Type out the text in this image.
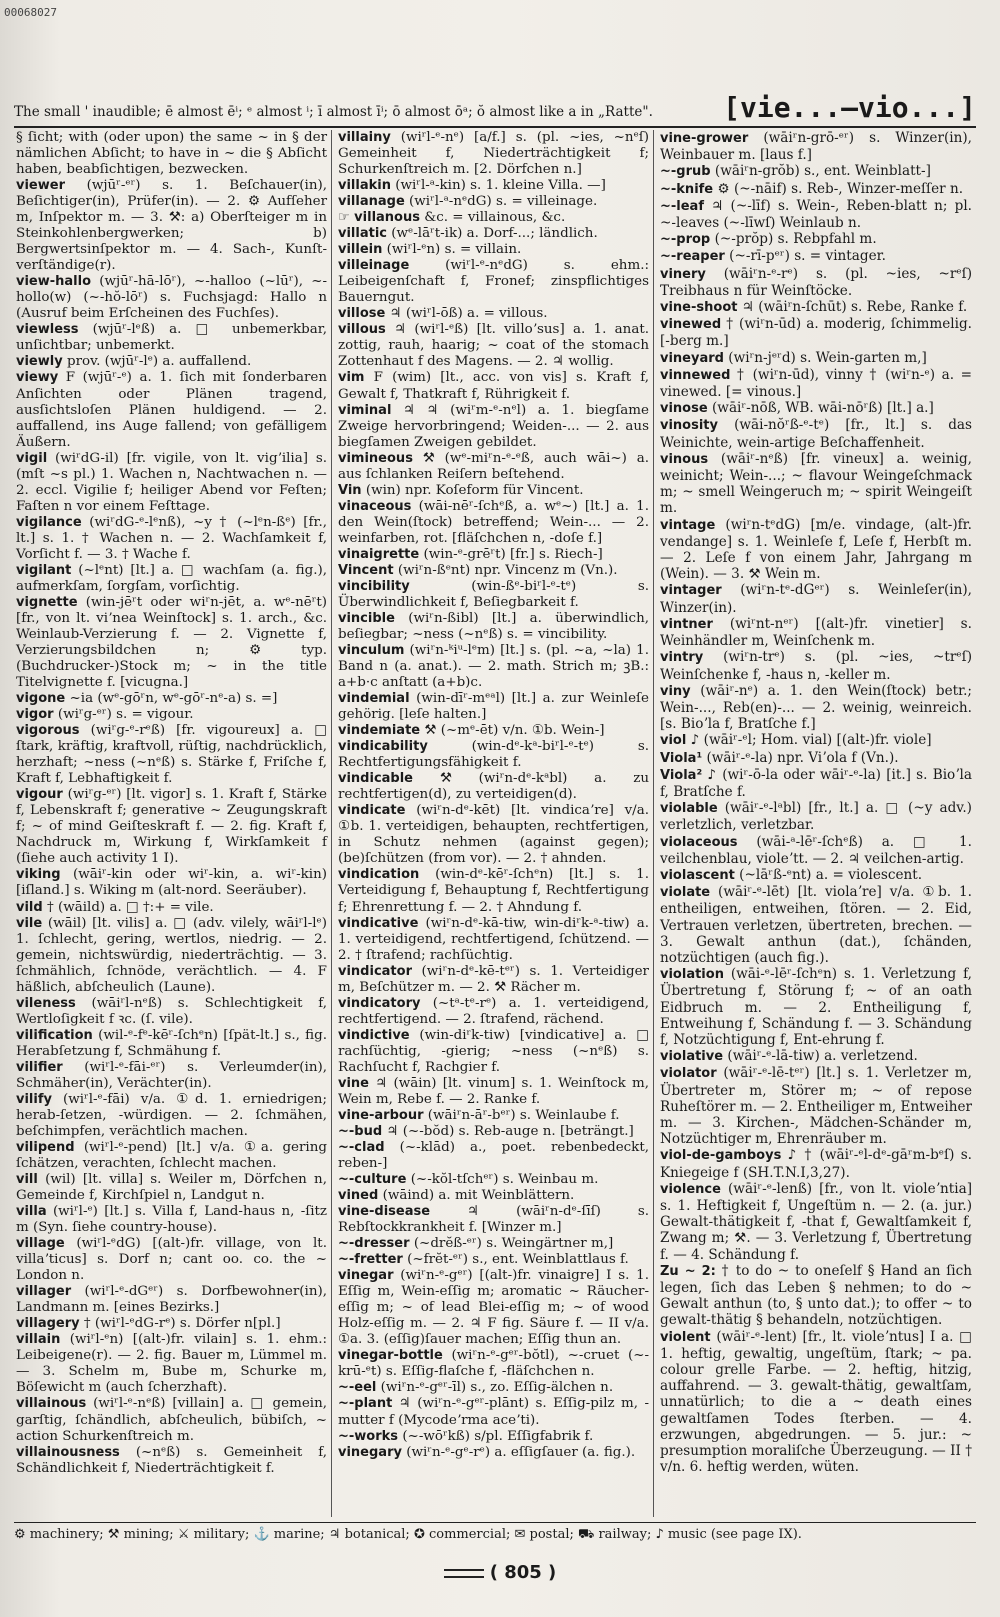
00068027
The small ' inaudible; ē almost ēⁱ; ᵉ almost ⁱ; ī almost īⁱ; ō almost ōᵃ; ŏ almost like a in „Ratte".	[vie...—vio...]

§ ſicht; with (oder upon) the same ~ in § der nämlichen Abſicht; to have in ~ die § Abſicht haben, beabſichtigen, bezwecken.

viewer (wjūʳ-ᵉʳ) s. 1. Beſchauer(in), Beſichtiger(in), Prüfer(in). — 2. ⚙ Aufſeher m, Inſpektor m. — 3. ⚒: a) Oberſteiger m in Steinkohlenbergwerken; b) Bergwertsinſpektor m. — 4. Sach-, Kunſt-verſtändige(r).

view-hallo (wjūʳ-hā-lōʳ), ~-halloo (~lūʳ), ~-hollo(w) (~-hŏ-lōʳ) s. Fuchsjagd: Hallo n (Ausruf beim Erſcheinen des Fuchſes).

viewless (wjūʳ-lᵉß) a. □ unbemerkbar, unſichtbar; unbemerkt.

viewly prov. (wjūʳ-lᵉ) a. auffallend.

viewy F (wjūʳ-ᵉ) a. 1. ſich mit ſonderbaren Anſichten oder Plänen tragend, ausſichtsloſen Plänen huldigend. — 2. auffallend, ins Auge fallend; von gefälligem Äußern.

vigil (wiʳdG-il) [fr. vigile, von lt. vigʼilia] s. (mſt ~s pl.) 1. Wachen n, Nachtwachen n. — 2. eccl. Vigilie f; heiliger Abend vor Feſten; Faſten n vor einem Feſttage.

vigilance (wiʳdG-ᵉ-lᵉnß), ~y † (~lᵉn-ßᵉ) [fr., lt.] s. 1. † Wachen n. — 2. Wachſamkeit f, Vorſicht f. — 3. † Wache f.

vigilant (~lᵉnt) [lt.] a. □ wachſam (a. fig.), aufmerkſam, ſorgſam, vorſichtig.

vignette (win-jēʳt oder wiʳn-jēt, a. wᵉ-nēʳt) [fr., von lt. viʼnea Weinſtock] s. 1. arch., &c. Weinlaub-Verzierung f. — 2. Vignette f, Verzierungsbildchen n; ⚙ typ. (Buchdrucker-)Stock m; ~ in the title Titelvignette f. [vicugna.]

vigone ~ia (wᵉ-gōʳn, wᵉ-gōʳ-nᵉ-a) s. =]

vigor (wiʳg-ᵉʳ) s. = vigour.

vigorous (wiʳg-ᵉ-rᵉß) [fr. vigoureux] a. □ ſtark, kräftig, kraftvoll, rüſtig, nachdrücklich, herzhaft; ~ness (~nᵉß) s. Stärke f, Friſche f, Kraft f, Lebhaftigkeit f.

vigour (wiʳg-ᵉʳ) [lt. vigor] s. 1. Kraft f, Stärke f, Lebenskraft f; generative ~ Zeugungskraft f; ~ of mind Geiſteskraft f. — 2. fig. Kraft f, Nachdruck m, Wirkung f, Wirkſamkeit f (ſiehe auch activity 1 I).

viking (wāiʳ-kin oder wiʳ-kin, a. wiʳ-kin) [iſland.] s. Wiking m (alt-nord. Seeräuber).

vild † (wāild) a. □ †:+ = vile.

vile (wāil) [lt. vilis] a. □ (adv. vilely, wāiʳl-lᵉ) 1. ſchlecht, gering, wertlos, niedrig. — 2. gemein, nichtswürdig, niederträchtig. — 3. ſchmählich, ſchnöde, verächtlich. — 4. F häßlich, abſcheulich (Laune).

vileness (wāiʳl-nᵉß) s. Schlechtigkeit f, Wertloſigkeit f ꝛc. (ſ. vile).

vilification (wil-ᵉ-fᵉ-kēʳ-ſchᵉn) [ſpät-lt.] s., fig. Herabſetzung f, Schmähung f.

vilifier (wiʳl-ᵉ-fāi-ᵉʳ) s. Verleumder(in), Schmäher(in), Verächter(in).

vilify (wiʳl-ᵉ-fāi) v/a. ①d. 1. erniedrigen; herab-ſetzen, -würdigen. — 2. ſchmähen, beſchimpfen, verächtlich machen.

vilipend (wiʳl-ᵉ-pend) [lt.] v/a. ①a. gering ſchätzen, verachten, ſchlecht machen.

vill (wil) [lt. villa] s. Weiler m, Dörfchen n, Gemeinde f, Kirchſpiel n, Landgut n.

villa (wiʳl-ᵉ) [lt.] s. Villa f, Land-haus n, -ſitz m (Syn. ſiehe country-house).

village (wiʳl-ᵉdG) [(alt-)fr. village, von lt. villaʼticus] s. Dorf n; cant oo. co. the ~ London n.

villager (wiʳl-ᵉ-dGᵉʳ) s. Dorfbewohner(in), Landmann m. [eines Bezirks.]

villagery † (wiʳl-ᵉdG-rᵉ) s. Dörfer n[pl.]

villain (wiʳl-ᵉn) [(alt-)fr. vilain] s. 1. ehm.: Leibeigene(r). — 2. fig. Bauer m, Lümmel m. — 3. Schelm m, Bube m, Schurke m, Böſewicht m (auch ſcherzhaft).

villainous (wiʳl-ᵉ-nᵉß) [villain] a. □ gemein, garſtig, ſchändlich, abſcheulich, bübiſch, ~ action Schurkenſtreich m.

villainousness (~nᵉß) s. Gemeinheit f, Schändlichkeit f, Niederträchtigkeit f.

villainy (wiʳl-ᵉ-nᵉ) [a/f.] s. (pl. ~ies, ~nᵉſ) Gemeinheit f, Niederträchtigkeit f; Schurkenſtreich m. [2. Dörfchen n.]

villakin (wiʳl-ᵃ-kin) s. 1. kleine Villa. —]

villanage (wiʳl-ᵃ-nᵉdG) s. = villeinage.

☞ villanous &c. = villainous, &c.

villatic (wᵉ-lāʳt-ik) a. Dorf-...; ländlich.

villein (wiʳl-ᵉn) s. = villain.

villeinage	(wiʳl-ᵉ-nᵉdG) s. ehm.: Leibeigenſchaft f, Fronef; zinspflichtiges Bauerngut.

villose ♃ (wiʳl-ōß) a. = villous.

villous ♃ (wiʳl-ᵉß) [lt. villoʼsus] a. 1. anat. zottig, rauh, haarig; ~ coat of the stomach Zottenhaut f des Magens. — 2. ♃ wollig.

vim F (wim) [lt., acc. von vis] s. Kraft f, Gewalt f, Thatkraft f, Rührigkeit f.

viminal ♃ ♃ (wiʳm-ᵉ-nᵉl) a. 1. biegſame Zweige hervorbringend; Weiden-... — 2. aus biegſamen Zweigen gebildet.

vimineous ⚒ (wᵉ-miʳn-ᵉ-ᵉß, auch wāi~) a. aus ſchlanken Reiſern beſtehend.

Vin (win) npr. Koſeform für Vincent.

vinaceous (wāi-nēʳ-ſchᵉß, a. wᵉ~) [lt.] a. 1. den Wein(ſtock) betreffend; Wein-... — 2. weinfarben, rot. [fläſchchen n, -doſe f.]

vinaigrette (win-ᵉ-grēʳt) [fr.] s. Riech-]

Vincent (wiʳn-ßᵉnt) npr. Vincenz m (Vn.).

vincibility	(win-ßᵉ-biʳl-ᵉ-tᵉ) s. Überwindlichkeit f, Beſiegbarkeit f.

vincible (wiʳn-ßibl) [lt.] a. überwindlich, beſiegbar; ~ness (~nᵉß) s. = vincibility.

vinculum (wiʳn-ᵏiᵘ-lᵉm) [lt.] s. (pl. ~a, ~la) 1. Band n (a. anat.). — 2. math. Strich m; ꝫB.: a+b·c anſtatt (a+b)c.

vindemial (win-dīʳ-mᵉᵃl) [lt.] a. zur Weinleſe gehörig. [leſe halten.]

vindemiate ⚒ (~mᵉ-ēt) v/n. ①b. Wein-]

vindicability	(win-dᵉ-kᵃ-biʳl-ᵉ-tᵉ) s. Rechtfertigungsfähigkeit f.

vindicable ⚒ (wiʳn-dᵉ-kᵃbl) a. zu rechtfertigen(d), zu verteidigen(d).

vindicate (wiʳn-dᵉ-kēt) [lt. vindicaʼre] v/a. ①b. 1. verteidigen, behaupten, rechtfertigen, in Schutz nehmen (against gegen); (be)ſchützen (from vor). — 2. † ahnden.

vindication (win-dᵉ-kēʳ-ſchᵉn) [lt.] s. 1. Verteidigung f, Behauptung f, Rechtfertigung f; Ehrenrettung f. — 2. † Ahndung f.

vindicative (wiʳn-dᵉ-kā-tiw, win-diʳk-ᵃ-tiw) a. 1. verteidigend, rechtfertigend, ſchützend. — 2. † ſtrafend; rachſüchtig.

vindicator (wiʳn-dᵉ-kē-tᵉʳ) s. 1. Verteidiger m, Beſchützer m. — 2. ⚒ Rächer m.

vindicatory (~tᵃ-tᵉ-rᵉ) a. 1. verteidigend, rechtfertigend. — 2. ſtrafend, rächend.

vindictive (win-diʳk-tiw) [vindicative] a. □ rachſüchtig, -gierig; ~ness (~nᵉß) s. Rachſucht f, Rachgier f.

vine ♃ (wāin) [lt. vinum] s. 1. Weinſtock m, Wein m, Rebe f. — 2. Ranke f.

vine-arbour (wāiʳn-āʳ-bᵉʳ) s. Weinlaube f.

~-bud ♃ (~-bŏd) s. Reb-auge n. [beträngt.]

~-clad (~-klād) a., poet. rebenbedeckt, reben-]

~-culture (~-kŏl-tſchᵉʳ) s. Weinbau m.

vined (wāind) a. mit Weinblättern.

vine-disease	♃ (wāiʳn-dᵉ-ſīſ) s. Rebſtockkrankheit f. [Winzer m.]

~-dresser (~drĕß-ᵉʳ) s. Weingärtner m,]

~-fretter (~frĕt-ᵉʳ) s., ent. Weinblattlaus f.

vinegar (wiʳn-ᵉ-gᵉʳ) [(alt-)fr. vinaigre] I s. 1. Eſſig m, Wein-eſſig m; aromatic ~ Räucher-eſſig m; ~ of lead Blei-eſſig m; ~ of wood Holz-eſſig m. — 2. ♃ F fig. Säure f. — II v/a. ①a. 3. (eſſig)ſauer machen; Eſſig thun an.

vinegar-bottle (wiʳn-ᵉ-gᵉʳ-bŏtl), ~-cruet (~-krū-ᵉt) s. Eſſig-flaſche f, -fläſchchen n.

~-eel (wiʳn-ᵉ-gᵉʳ-īl) s., zo. Eſſig-älchen n.

~-plant ♃ (wiʳn-ᵉ-gᵉʳ-plānt) s. Eſſig-pilz m, -mutter f (Mycodeʼrma aceʼti).

~-works (~-wōʳkß) s/pl. Eſſigfabrik f.

vinegary (wiʳn-ᵉ-gᵉ-rᵉ) a. eſſigſauer (a. fig.).

vine-grower (wāiʳn-grō-ᵉʳ) s. Winzer(in), Weinbauer m. [laus f.]

~-grub (wāiʳn-grŏb) s., ent. Weinblatt-]

~-knife ⚙ (~-nāif) s. Reb-, Winzer-meſſer n.

~-leaf ♃ (~-līf) s. Wein-, Reben-blatt n; pl. ~-leaves (~-līwſ) Weinlaub n.

~-prop (~-prŏp) s. Rebpfahl m.

~-reaper (~-rī-pᵉʳ) s. = vintager.

vinery (wāiʳn-ᵉ-rᵉ) s. (pl. ~ies, ~rᵉſ) Treibhaus n für Weinſtöcke.

vine-shoot ♃ (wāiʳn-ſchūt) s. Rebe, Ranke f.

vinewed † (wiʳn-ūd) a. moderig, ſchimmelig. [-berg m.]

vineyard (wiʳn-jᵉʳd) s. Wein-garten m,]

vinnewed † (wiʳn-ūd), vinny † (wiʳn-ᵉ) a. = vinewed. [= vinous.]

vinose (wāiʳ-nōß, WB. wāi-nōʳß) [lt.] a.]

vinosity (wāi-nŏʳß-ᵉ-tᵉ) [fr., lt.] s. das Weinichte, wein-artige Beſchaffenheit.

vinous (wāiʳ-nᵉß) [fr. vineux] a. weinig, weinicht; Wein-...; ~ flavour Weingeſchmack m; ~ smell Weingeruch m; ~ spirit Weingeiſt m.

vintage (wiʳn-tᵉdG) [m/e. vindage, (alt-)fr. vendange] s. 1. Weinleſe f, Leſe f, Herbſt m. — 2. Leſe f von einem Jahr, Jahrgang m (Wein). — 3. ⚒ Wein m.

vintager (wiʳn-tᵉ-dGᵉʳ) s. Weinleſer(in), Winzer(in).

vintner (wiʳnt-nᵉʳ) [(alt-)fr. vinetier] s. Weinhändler m, Weinſchenk m.

vintry (wiʳn-trᵉ) s. (pl. ~ies, ~trᵉſ) Weinſchenke f, -haus n, -keller m.

viny (wāiʳ-nᵉ) a. 1. den Wein(ſtock) betr.; Wein-..., Reb(en)-... — 2. weinig, weinreich. [s. Bioʼla f, Bratſche f.]

viol ♪ (wāiʳ-ᵉl; Hom. vial) [(alt-)fr. viole]

Viola¹ (wāiʳ-ᵉ-la) npr. Viʼola f (Vn.).

Viola² ♪ (wiʳ-ō-la oder wāiʳ-ᵉ-la) [it.] s. Bioʼla f, Bratſche f.

violable (wāiʳ-ᵉ-lᵃbl) [fr., lt.] a. □ (~y adv.) verletzlich, verletzbar.

violaceous (wāi-ᵃ-lēʳ-ſchᵉß) a. □ 1. veilchenblau, violeʼtt. — 2. ♃ veilchen-artig.

violascent (~lāʳß-ᵉnt) a. = violescent.

violate (wāiʳ-ᵉ-lēt) [lt. violaʼre] v/a. ①b. 1. entheiligen, entweihen, ſtören. — 2. Eid, Vertrauen verletzen, übertreten, brechen. — 3. Gewalt anthun (dat.), ſchänden, notzüchtigen (auch fig.).

violation (wāi-ᵉ-lēʳ-ſchᵉn) s. 1. Verletzung f, Übertretung f, Störung f; ~ of an oath Eidbruch m. — 2. Entheiligung f, Entweihung f, Schändung f. — 3. Schändung f, Notzüchtigung f, Ent-ehrung f.

violative (wāiʳ-ᵉ-lā-tiw) a. verletzend.

violator (wāiʳ-ᵉ-lē-tᵉʳ) [lt.] s. 1. Verletzer m, Übertreter m, Störer m; ~ of repose Ruheſtörer m. — 2. Entheiliger m, Entweiher m. — 3. Kirchen-, Mädchen-Schänder m, Notzüchtiger m, Ehrenräuber m.

viol-de-gamboys ♪ † (wāiʳ-ᵉl-dᵉ-gāʳm-bᵉſ) s. Kniegeige f (SH.T.N.I,3,27).

violence (wāiʳ-ᵉ-lenß) [fr., von lt. violeʼntia] s. 1. Heftigkeit f, Ungeſtüm n. — 2. (a. jur.) Gewalt-thätigkeit f, -that f, Gewaltſamkeit f, Zwang m; ⚒. — 3. Verletzung f, Übertretung f. — 4. Schändung f.

Zu ~ 2: † to do ~ to oneſelf § Hand an ſich legen, ſich das Leben § nehmen; to do ~ Gewalt anthun (to, § unto dat.); to offer ~ to gewalt-thätig § behandeln, notzüchtigen.

violent (wāiʳ-ᵉ-lent) [fr., lt. violeʼntus] I a. □ 1. heftig, gewaltig, ungeſtüm, ſtark; ~ pa. colour grelle Farbe. — 2. heftig, hitzig, auffahrend. — 3. gewalt-thätig, gewaltſam, unnatürlich; to die a ~ death eines gewaltſamen Todes ſterben. — 4. erzwungen, abgedrungen. — 5. jur.: ~ presumption moraliſche Überzeugung. — II † v/n. 6. heftig werden, wüten.

⚙ machinery; ⚒ mining; ⚔ military; ⚓ marine; ♃ botanical; ✪ commercial; ✉ postal; ⛟ railway; ♪ music (see page IX).
( 805 )
